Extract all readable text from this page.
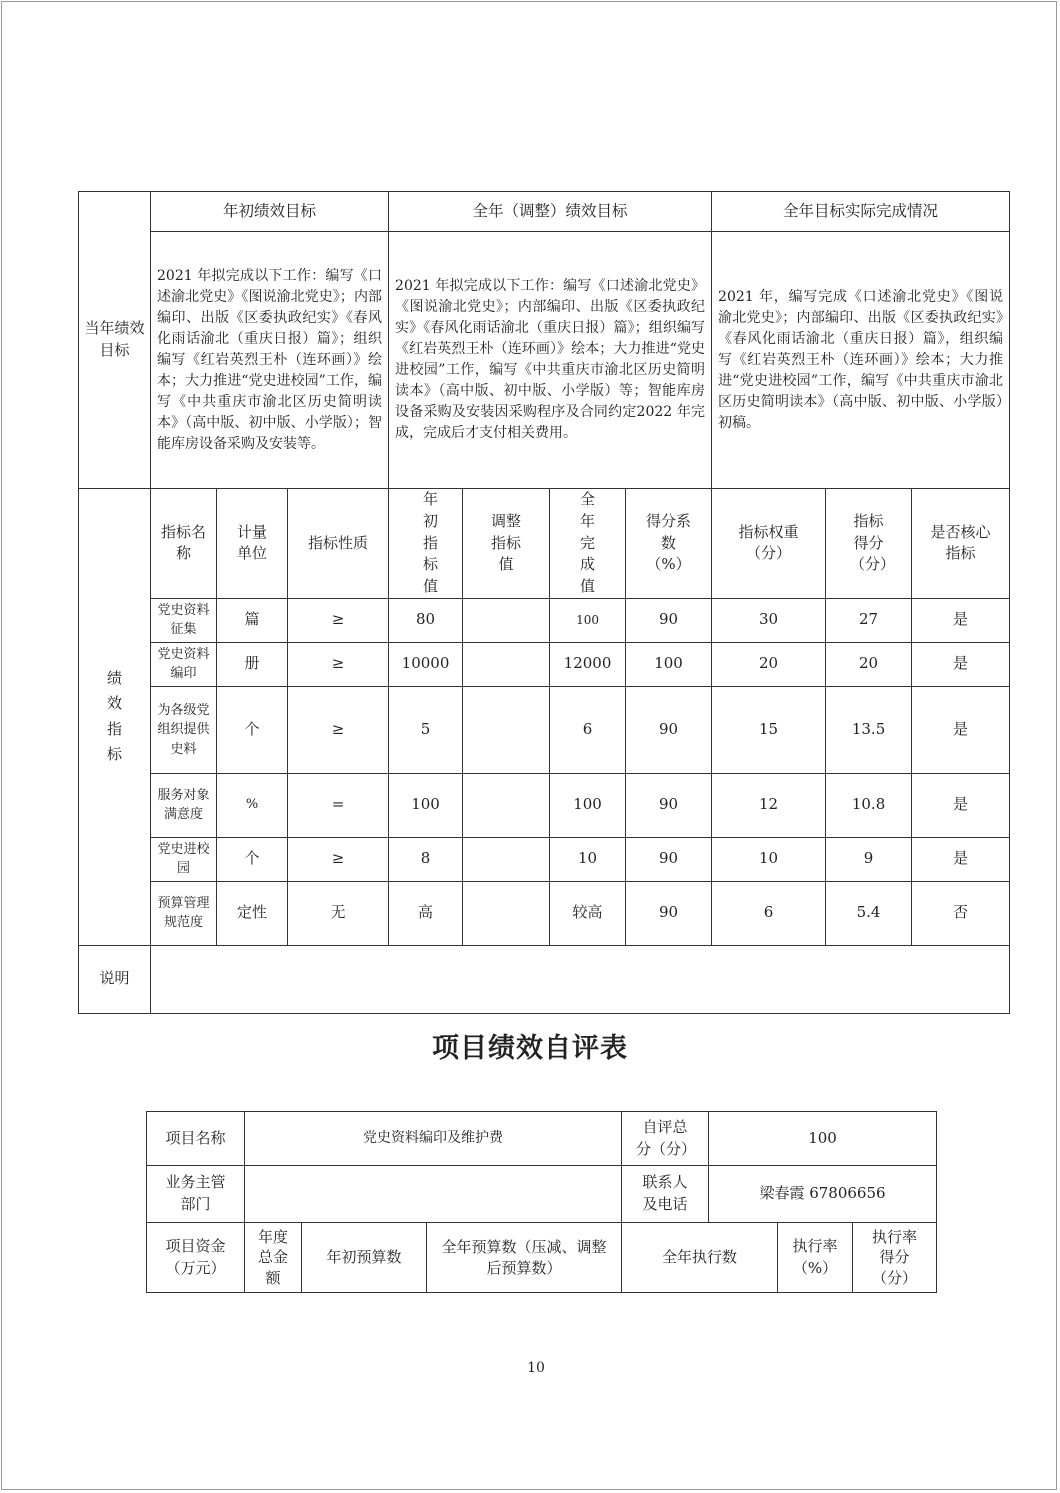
当年绩效目标	年初绩效目标			全年（调整）绩效目标				全年目标实际完成情况		
	2021 年拟完成以下工作：编写《口述渝北党史》《图说渝北党史》；内部编印、出版《区委执政纪实》《春风化雨话渝北（重庆日报）篇》；组织编写《红岩英烈王朴（连环画）》绘本；大力推进“党史进校园”工作，编写《中共重庆市渝北区历史简明读本》（高中版、初中版、小学版）；智能库房设备采购及安装等。			2021 年拟完成以下工作：编写《口述渝北党史》《图说渝北党史》；内部编印、出版《区委执政纪实》《春风化雨话渝北（重庆日报）篇》；组织编写《红岩英烈王朴（连环画）》绘本；大力推进“党史进校园”工作，编写《中共重庆市渝北区历史简明读本》（高中版、初中版、小学版）等；智能库房设备采购及安装因采购程序及合同约定2022 年完成，完成后才支付相关费用。				2021 年，编写完成《口述渝北党史》《图说渝北党史》；内部编印、出版《区委执政纪实》《春风化雨话渝北（重庆日报）篇》，组织编写《红岩英烈王朴（连环画）》绘本；大力推进“党史进校园”工作，编写《中共重庆市渝北区历史简明读本》（高中版、初中版、小学版）初稿。		

绩效指标	指标名称	计量单位	指标性质	年初指标值	调整指标值	全年完成值	得分系数（%）	指标权重（分）	指标得分（分）	是否核心指标
	党史资料征集	篇	≥	80		100	90	30	27	是
	党史资料编印	册	≥	10000		12000	100	20	20	是
	为各级党组织提供史料	个	≥	5		6	90	15	13.5	是
	服务对象满意度	%	=	100		100	90	12	10.8	是
	党史进校园	个	≥	8		10	90	10	9	是
	预算管理规范度	定性	无	高		较高	90	6	5.4	否
说明										
项目绩效自评表
项目名称	党史资料编印及维护费			自评总分（分）	100		
业务主管部门				联系人及电话	梁春霞 67806656		
项目资金（万元）	年度总金额	年初预算数	全年预算数（压减、调整后预算数）	全年执行数		执行率（%）	执行率得分（分）
10
